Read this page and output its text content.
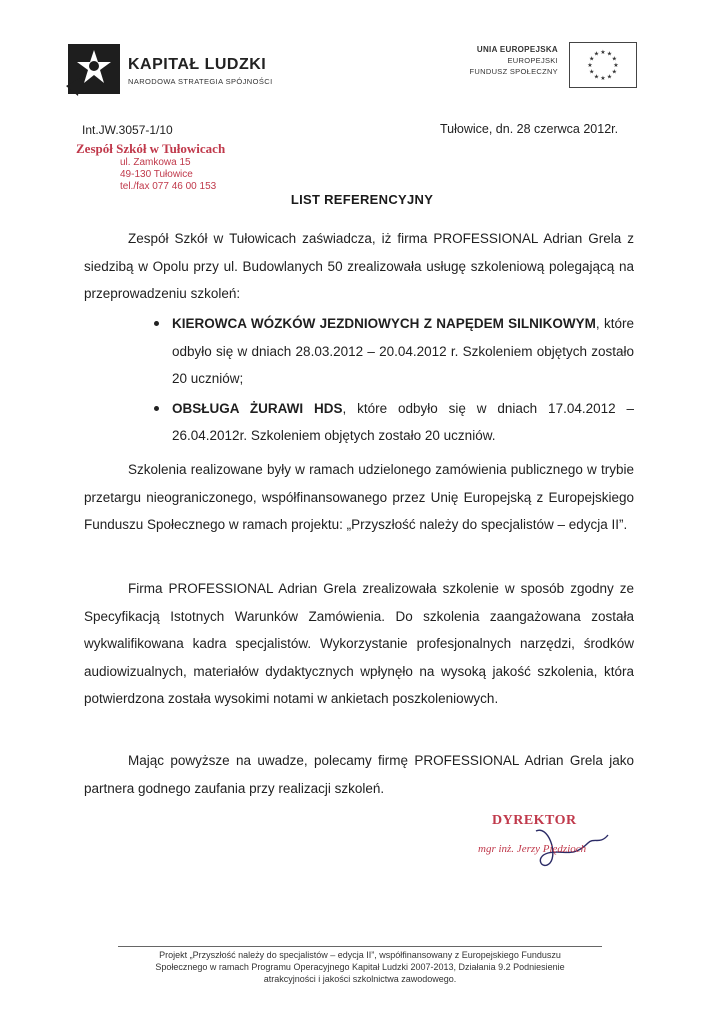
KAPITAŁ LUDZKI
NARODOWA STRATEGIA SPÓJNOŚCI
UNIA EUROPEJSKA
EUROPEJSKI
FUNDUSZ SPOŁECZNY
★ ★
★
★
★
★
★
★
★
★
★
★
Int.JW.3057-1/10	Tułowice, dn. 28 czerwca 2012r.
Zespół Szkół w Tułowicach
ul. Zamkowa 15
49-130 Tułowice
tel./fax 077 46 00 153
LIST REFERENCYJNY

Zespół Szkół w Tułowicach zaświadcza, iż firma PROFESSIONAL Adrian Grela z siedzibą w Opolu przy ul. Budowlanych 50 zrealizowała usługę szkoleniową polegającą na przeprowadzeniu szkoleń:

KIEROWCA WÓZKÓW JEZDNIOWYCH Z NAPĘDEM SILNIKOWYM, które odbyło się w dniach 28.03.2012 – 20.04.2012 r. Szkoleniem objętych zostało 20 uczniów;
OBSŁUGA ŻURAWI HDS, które odbyło się w dniach 17.04.2012 – 26.04.2012r. Szkoleniem objętych zostało 20 uczniów.

Szkolenia realizowane były w ramach udzielonego zamówienia publicznego w trybie przetargu nieograniczonego, współfinansowanego przez Unię Europejską z Europejskiego Funduszu Społecznego w ramach projektu: „Przyszłość należy do specjalistów – edycja II”.

Firma PROFESSIONAL Adrian Grela zrealizowała szkolenie w sposób zgodny ze Specyfikacją Istotnych Warunków Zamówienia. Do szkolenia zaangażowana została wykwalifikowana kadra specjalistów. Wykorzystanie profesjonalnych narzędzi, środków audiowizualnych, materiałów dydaktycznych wpłynęło na wysoką jakość szkolenia, która potwierdzona została wysokimi notami w ankietach poszkoleniowych.

Mając powyższe na uwadze, polecamy firmę PROFESSIONAL Adrian Grela jako partnera godnego zaufania przy realizacji szkoleń.

DYREKTOR
mgr inż. Jerzy Piędzioch
Projekt „Przyszłość należy do specjalistów – edycja II”, współfinansowany z Europejskiego Funduszu
Społecznego w ramach Programu Operacyjnego Kapitał Ludzki 2007-2013, Działania 9.2 Podniesienie
atrakcyjności i jakości szkolnictwa zawodowego.
